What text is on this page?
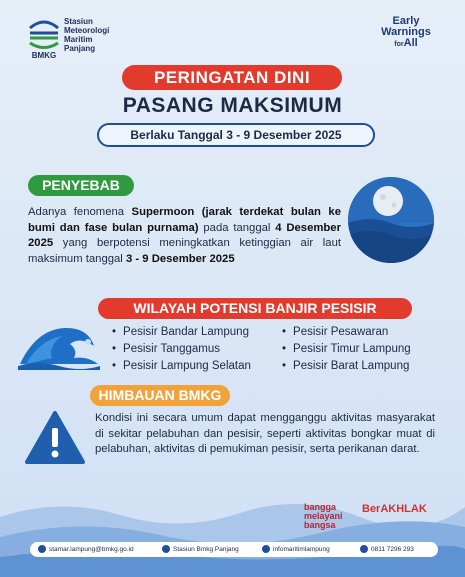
BMKG
Stasiun
Meteorologi
Maritim
Panjang
Early
Warnings
forAll
PERINGATAN DINI
PASANG MAKSIMUM
Berlaku Tanggal 3 - 9 Desember 2025
PENYEBAB
Adanya fenomena Supermoon (jarak terdekat bulan ke bumi dan fase bulan purnama) pada tanggal 4 Desember 2025 yang berpotensi meningkatkan ketinggian air laut maksimum tanggal 3 - 9 Desember 2025
WILAYAH POTENSI BANJIR PESISIR
• Pesisir Bandar Lampung
• Pesisir Tanggamus
• Pesisir Lampung Selatan
• Pesisir Pesawaran
• Pesisir Timur Lampung
• Pesisir Barat Lampung
HIMBAUAN BMKG
Kondisi ini secara umum dapat mengganggu aktivitas masyarakat di sekitar pelabuhan dan pesisir, seperti aktivitas bongkar muat di pelabuhan, aktivitas di pemukiman pesisir, serta perikanan darat.
bangga
melayani
bangsa
BerAKHLAK
stamar.lampung@bmkg.go.id	Stasiun Bmkg Panjang	infomaritimlampung	0811 7296 293
